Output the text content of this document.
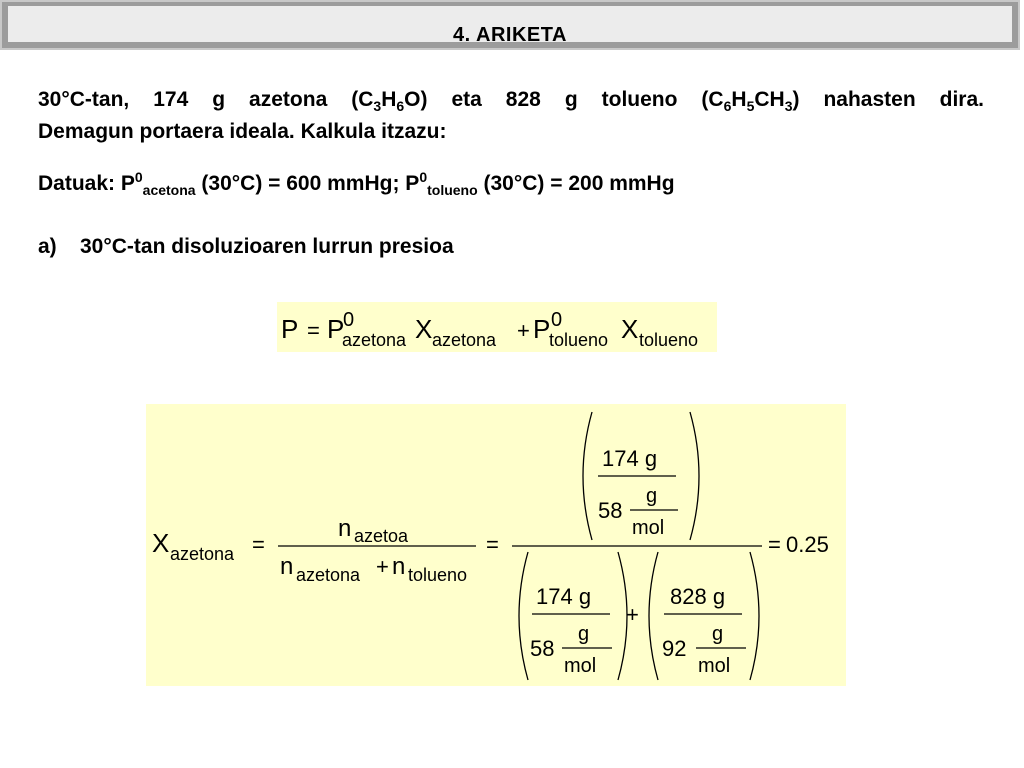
4. ARIKETA
30°C-tan, 174 g azetona $(C_3H_6O)$ eta 828 g tolueno $(C_6H_5CH_3)$ nahasten dira.
Demagun portaera ideala. Kalkula itzazu:
Datuak: $P^0_{acetona}$ (30°C) = 600 mmHg; $P^0_{tolueno}$ (30°C) = 200 mmHg
a) 30°C-tan disoluzioaren lurrun presioa
P = P
0
azetona X azetona + P 0
tolueno X tolueno
X azetona =
n azetoa
n azetona + n tolueno
=
174 g
g
58
mol
174 g
g
58
mol
+
828 g
g
92
mol
= 0.25
